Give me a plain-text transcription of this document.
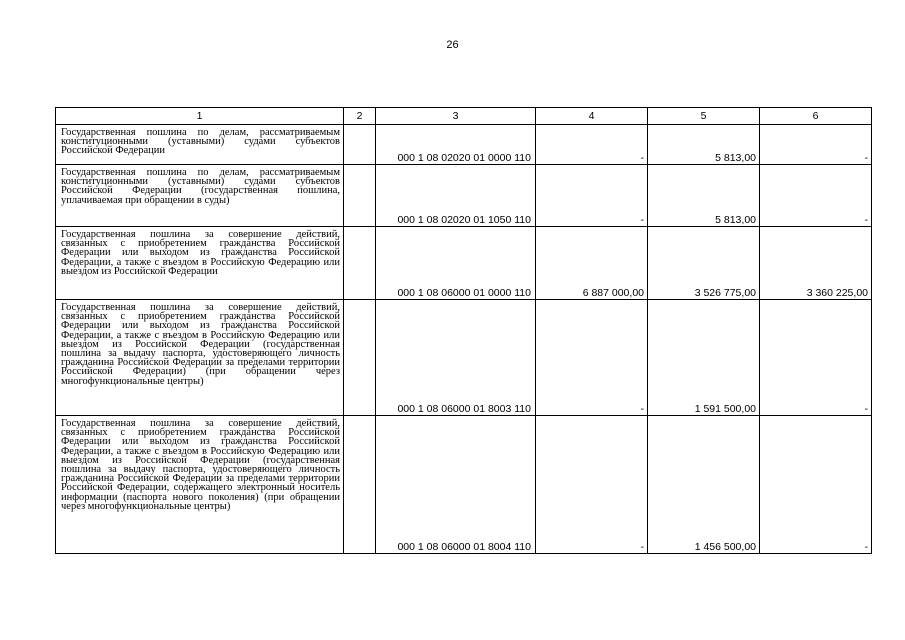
26
1	2	3	4	5	6
Государственная пошлина по делам, рассматриваемым конституционными (уставными) судами субъектов Российской Федерации		000 1 08 02020 01 0000 110	-	5 813,00	-
Государственная пошлина по делам, рассматриваемым конституционными (уставными) судами субъектов Российской Федерации (государственная пошлина, уплачиваемая при обращении в суды)		000 1 08 02020 01 1050 110	-	5 813,00	-
Государственная пошлина за совершение действий, связанных с приобретением гражданства Российской Федерации или выходом из гражданства Российской Федерации, а также с въездом в Российскую Федерацию или выездом из Российской Федерации		000 1 08 06000 01 0000 110	6 887 000,00	3 526 775,00	3 360 225,00
Государственная пошлина за совершение действий, связанных с приобретением гражданства Российской Федерации или выходом из гражданства Российской Федерации, а также с въездом в Российскую Федерацию или выездом из Российской Федерации (государственная пошлина за выдачу паспорта, удостоверяющего личность гражданина Российской Федерации за пределами территории Российской Федерации) (при обращении через многофункциональные центры)		000 1 08 06000 01 8003 110	-	1 591 500,00	-
Государственная пошлина за совершение действий, связанных с приобретением гражданства Российской Федерации или выходом из гражданства Российской Федерации, а также с въездом в Российскую Федерацию или выездом из Российской Федерации (государственная пошлина за выдачу паспорта, удостоверяющего личность гражданина Российской Федерации за пределами территории Российской Федерации, содержащего электронный носитель информации (паспорта нового поколения) (при обращении через многофункциональные центры)		000 1 08 06000 01 8004 110	-	1 456 500,00	-
